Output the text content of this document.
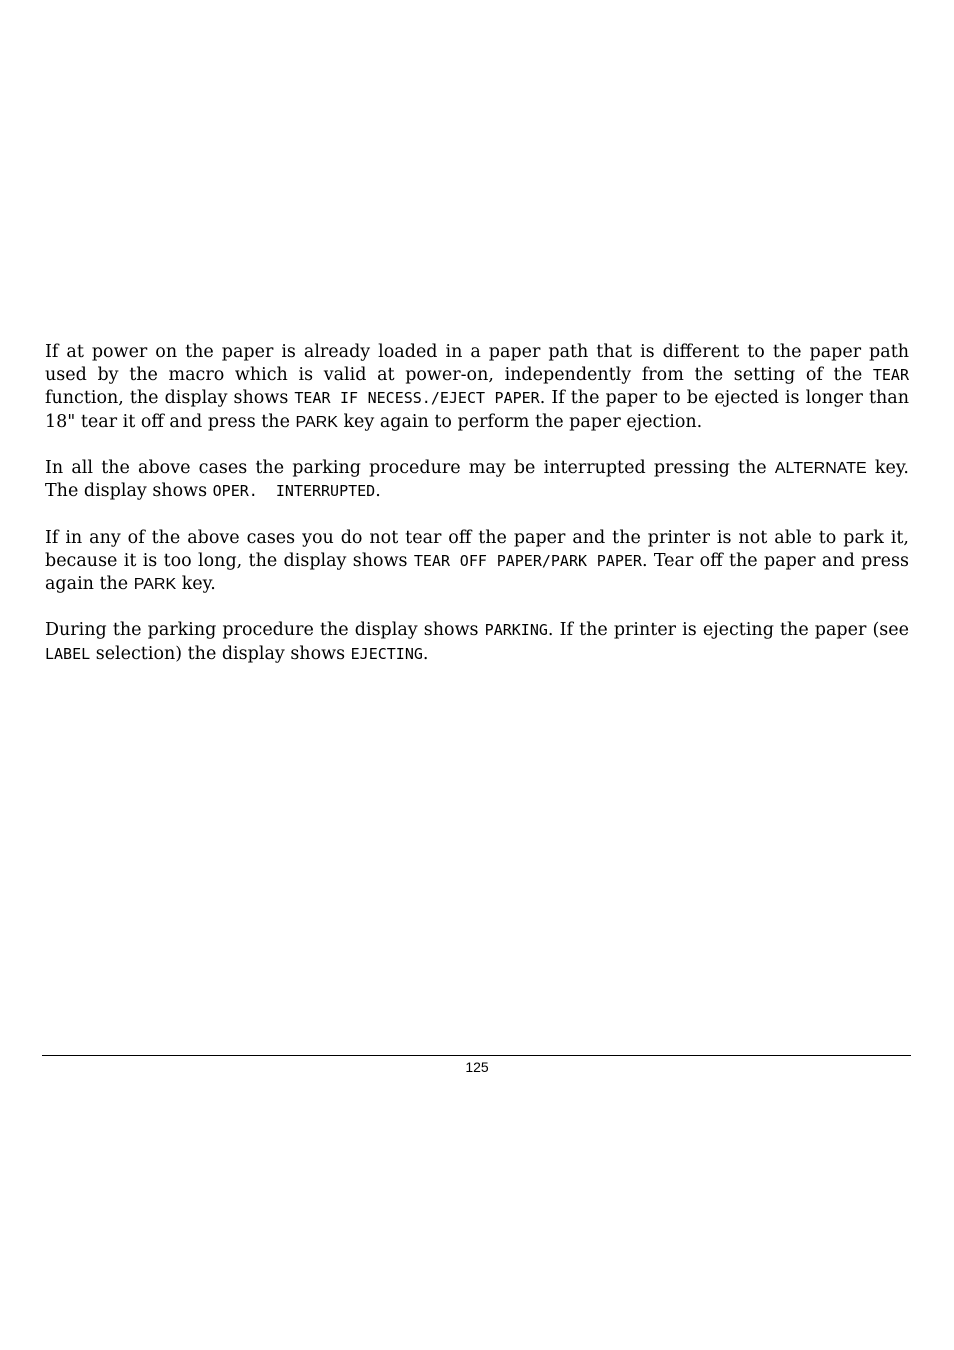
If at power on the paper is already loaded in a paper path that is different to the paper path used by the macro which is valid at power-on, independently from the setting of the TEAR function, the display shows TEAR IF NECESS./EJECT PAPER. If the paper to be ejected is longer than 18" tear it off and press the PARK key again to perform the paper ejection.

In all the above cases the parking procedure may be interrupted pressing the ALTERNATE key. The display shows OPER.  INTERRUPTED.

If in any of the above cases you do not tear off the paper and the printer is not able to park it, because it is too long, the display shows TEAR OFF PAPER/PARK PAPER. Tear off the paper and press again the PARK key.

During the parking procedure the display shows PARKING. If the printer is ejecting the paper (see LABEL selection) the display shows EJECTING.

125
